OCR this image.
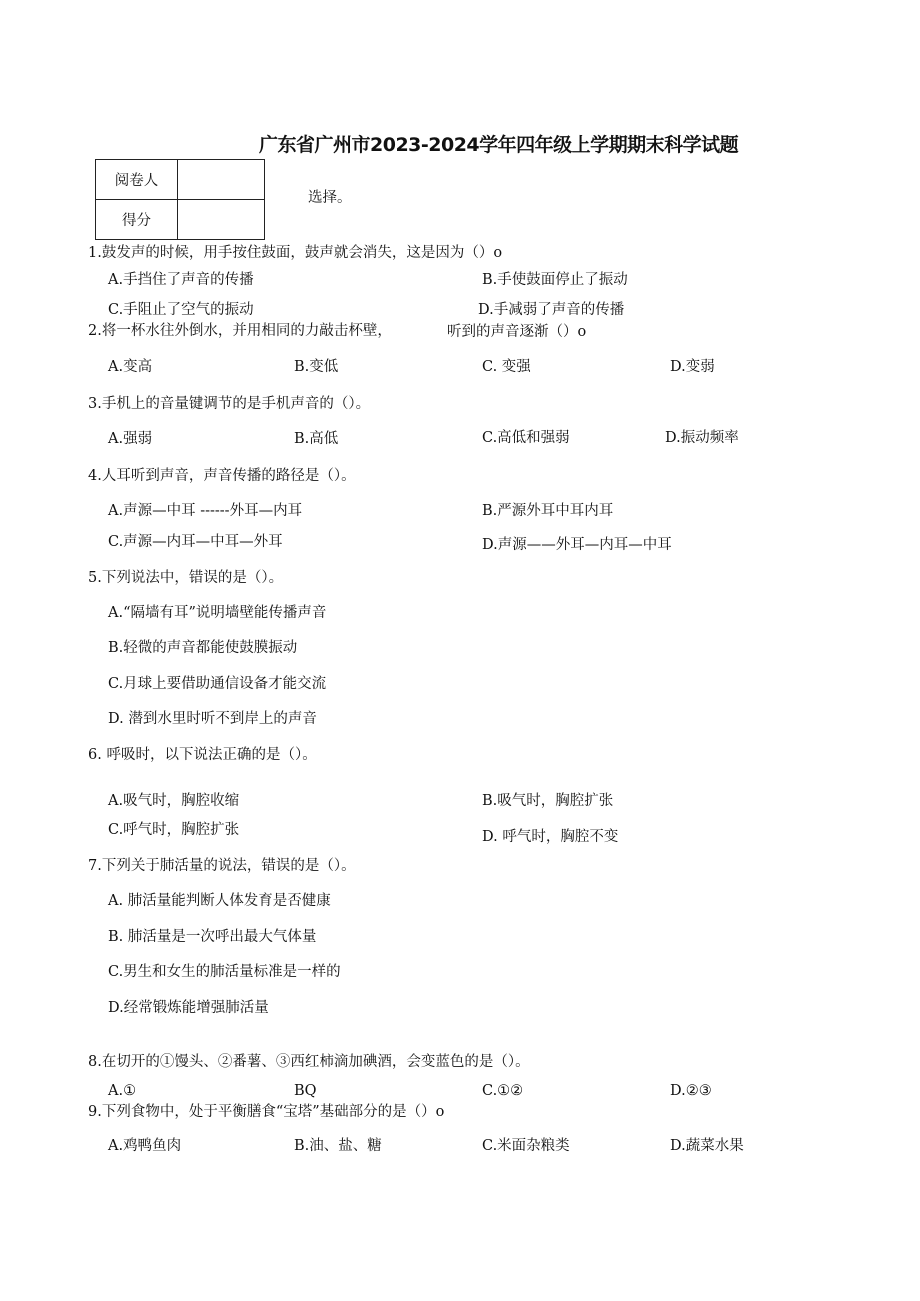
广东省广州市2023-2024学年四年级上学期期末科学试题
阅卷人	
得分	
选择。
1.鼓发声的时候，用手按住鼓面，鼓声就会消失，这是因为（）o
A.手挡住了声音的传播	B.手使鼓面停止了振动
C.手阻止了空气的振动	D.手减弱了声音的传播
2.将一杯水往外倒水，并用相同的力敲击杯壁，	听到的声音逐渐（）o
A.变高	B.变低	C. 变强	D.变弱
3.手机上的音量键调节的是手机声音的（）。
A.强弱	B.高低	C.高低和强弱	D.振动频率
4.人耳听到声音，声音传播的路径是（）。
A.声源—中耳 ------外耳—内耳	B.严源外耳中耳内耳
C.声源—内耳—中耳—外耳	D.声源——外耳—内耳—中耳
5.下列说法中，错误的是（）。
A.“隔墙有耳”说明墙壁能传播声音
B.轻微的声音都能使鼓膜振动
C.月球上要借助通信设备才能交流
D. 潜到水里时听不到岸上的声音
6. 呼吸时，以下说法正确的是（）。
A.吸气时，胸腔收缩	B.吸气时，胸腔扩张
C.呼气时，胸腔扩张	D. 呼气时，胸腔不变
7.下列关于肺活量的说法，错误的是（）。
A. 肺活量能判断人体发育是否健康
B. 肺活量是一次呼出最大气体量
C.男生和女生的肺活量标准是一样的
D.经常锻炼能增强肺活量
8.在切开的①馒头、②番薯、③西红柿滴加碘酒，会变蓝色的是（）。
A.①	BQ	C.①②	D.②③
9.下列食物中，处于平衡膳食“宝塔”基础部分的是（）o
A.鸡鸭鱼肉	B.油、盐、糖	C.米面杂粮类	D.蔬菜水果
